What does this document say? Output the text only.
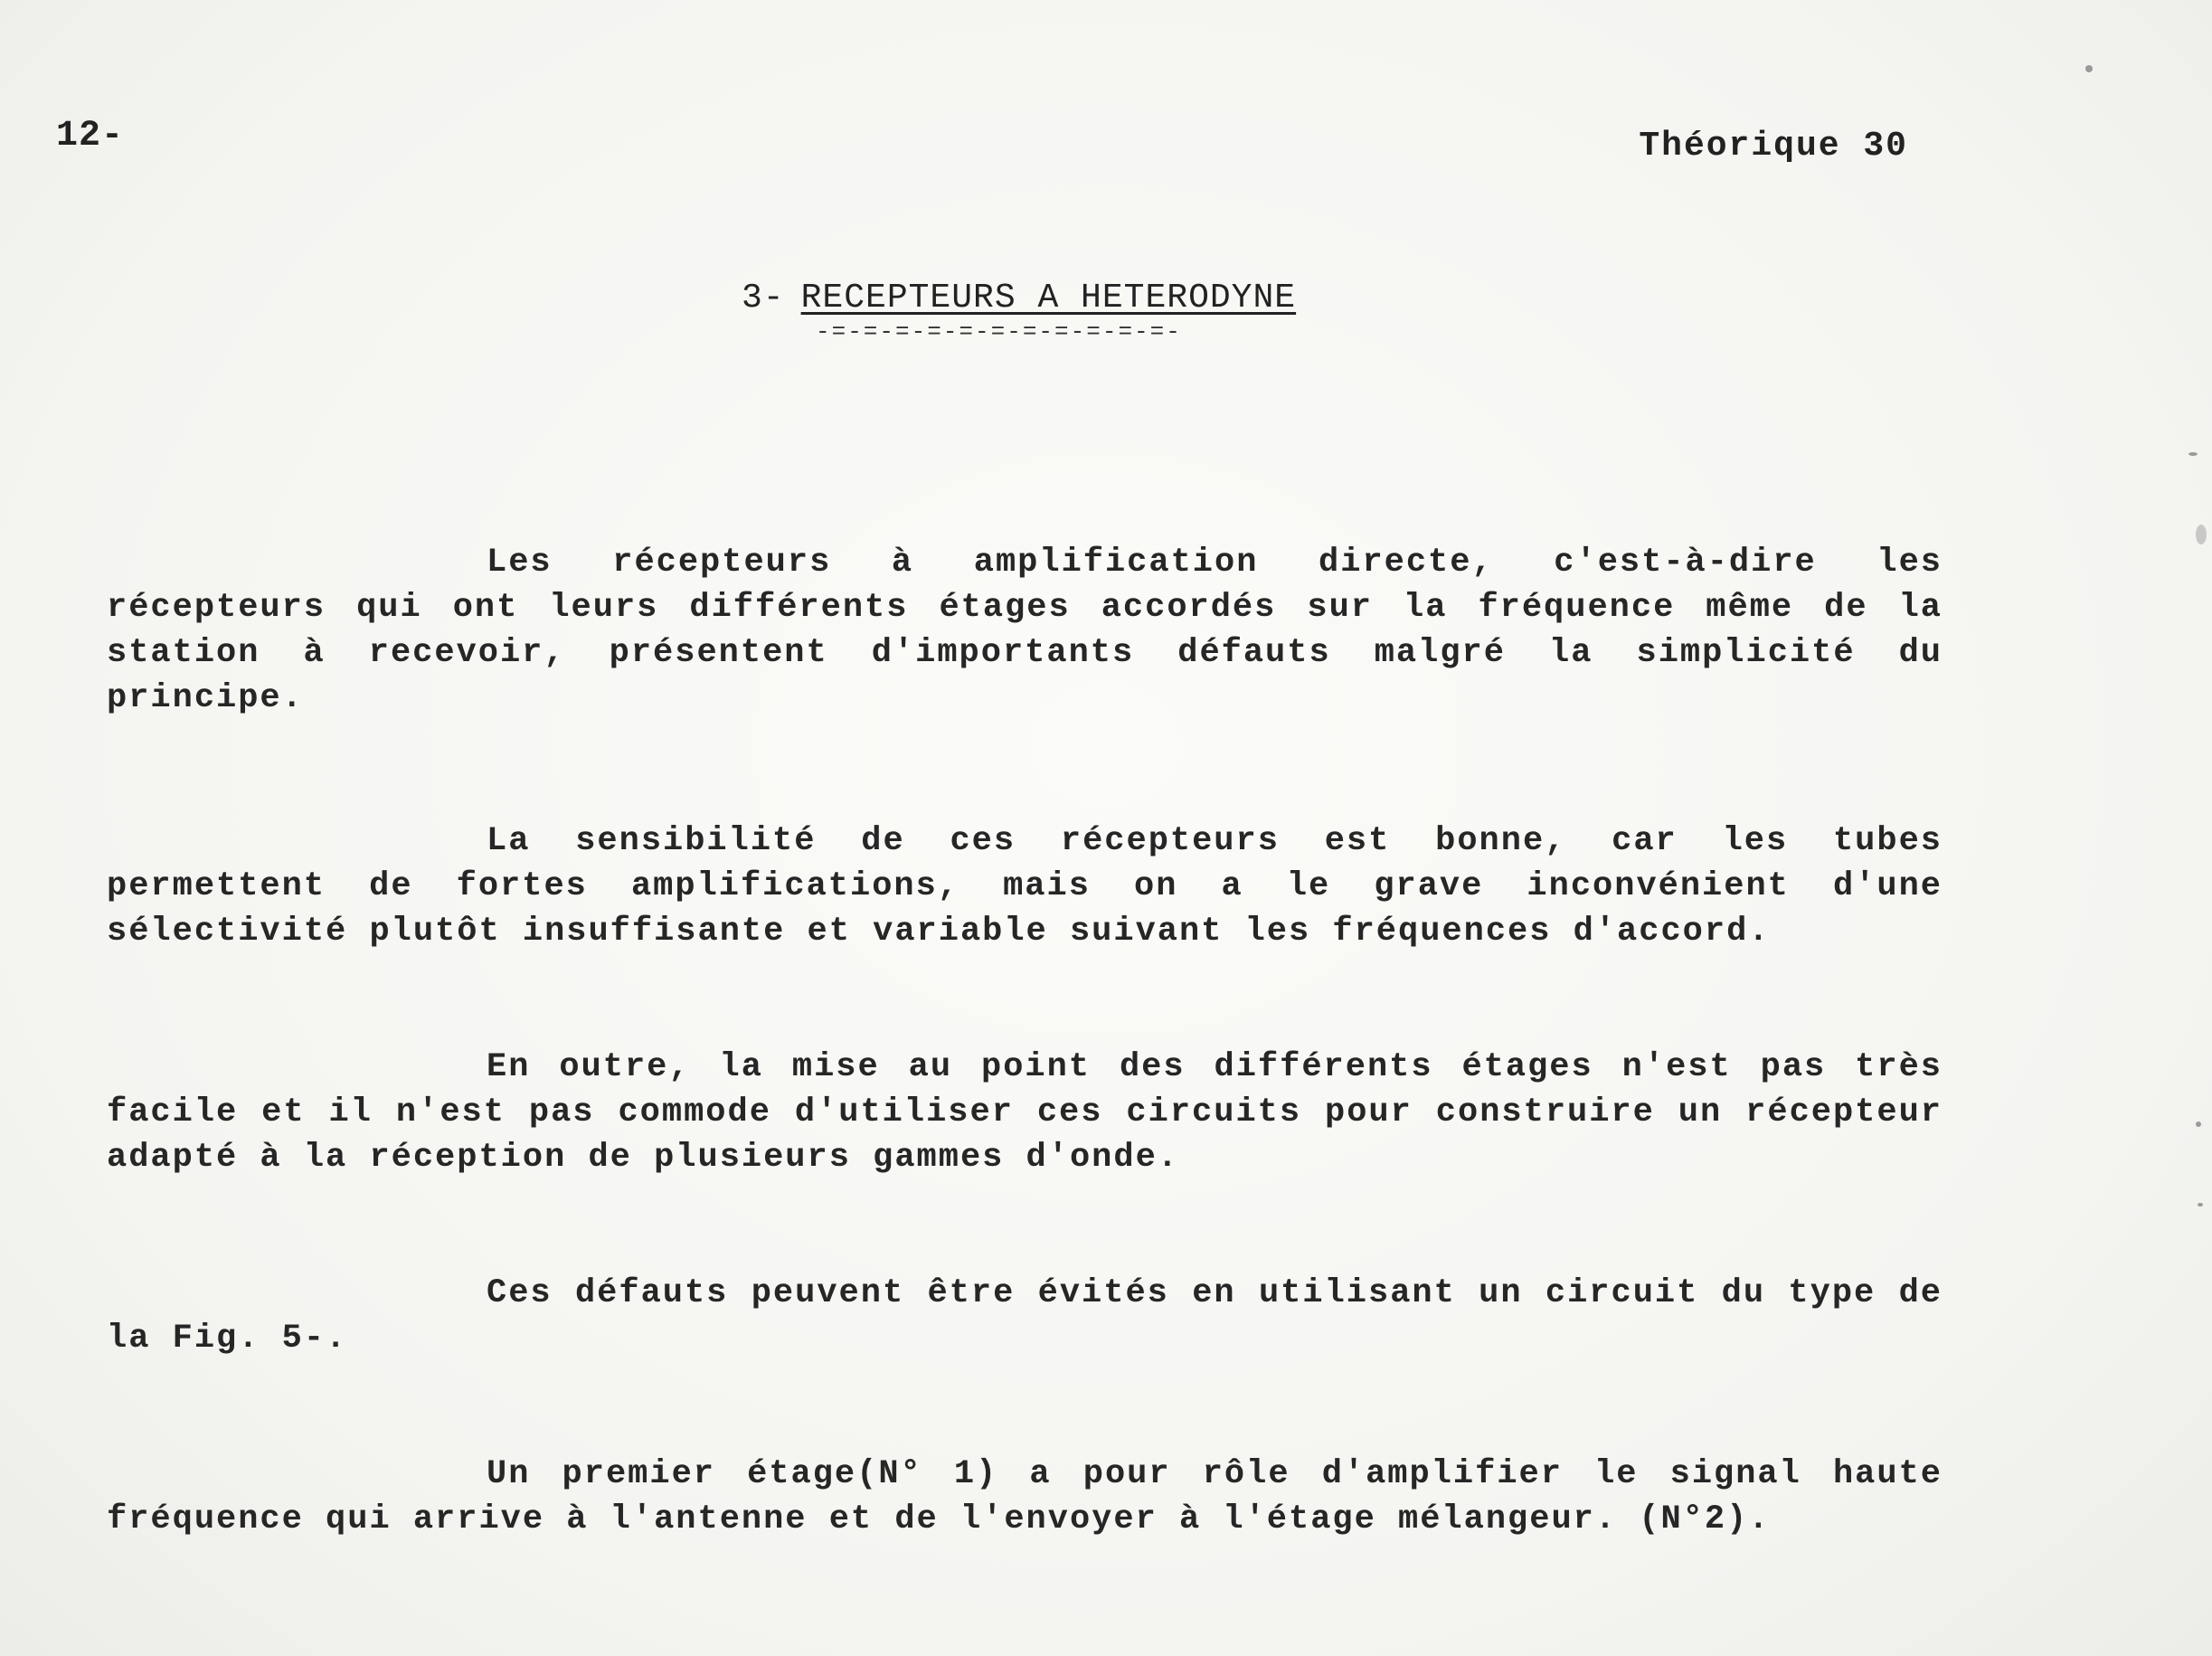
12-	Théorique 30
3- RECEPTEURS A HETERODYNE
-=-=-=-=-=-=-=-=-=-=-=-

Les récepteurs à amplification directe, c'est-à-dire les récepteurs qui ont leurs différents étages accordés sur la fréquence même de la station à recevoir, présentent d'importants défauts malgré la simplicité du principe.

La sensibilité de ces récepteurs est bonne, car les tubes permettent de fortes amplifications, mais on a le grave inconvénient d'une sélectivité plutôt insuffisante et variable suivant les fréquences d'accord.

En outre, la mise au point des différents étages n'est pas très facile et il n'est pas commode d'utiliser ces circuits pour construire un récepteur adapté à la réception de plusieurs gammes d'onde.

Ces défauts peuvent être évités en utilisant un circuit du type de la Fig. 5-.

Un premier étage(N° 1) a pour rôle d'amplifier le signal haute fréquence qui arrive à l'antenne et de l'envoyer à l'étage mélangeur. (N°2).
